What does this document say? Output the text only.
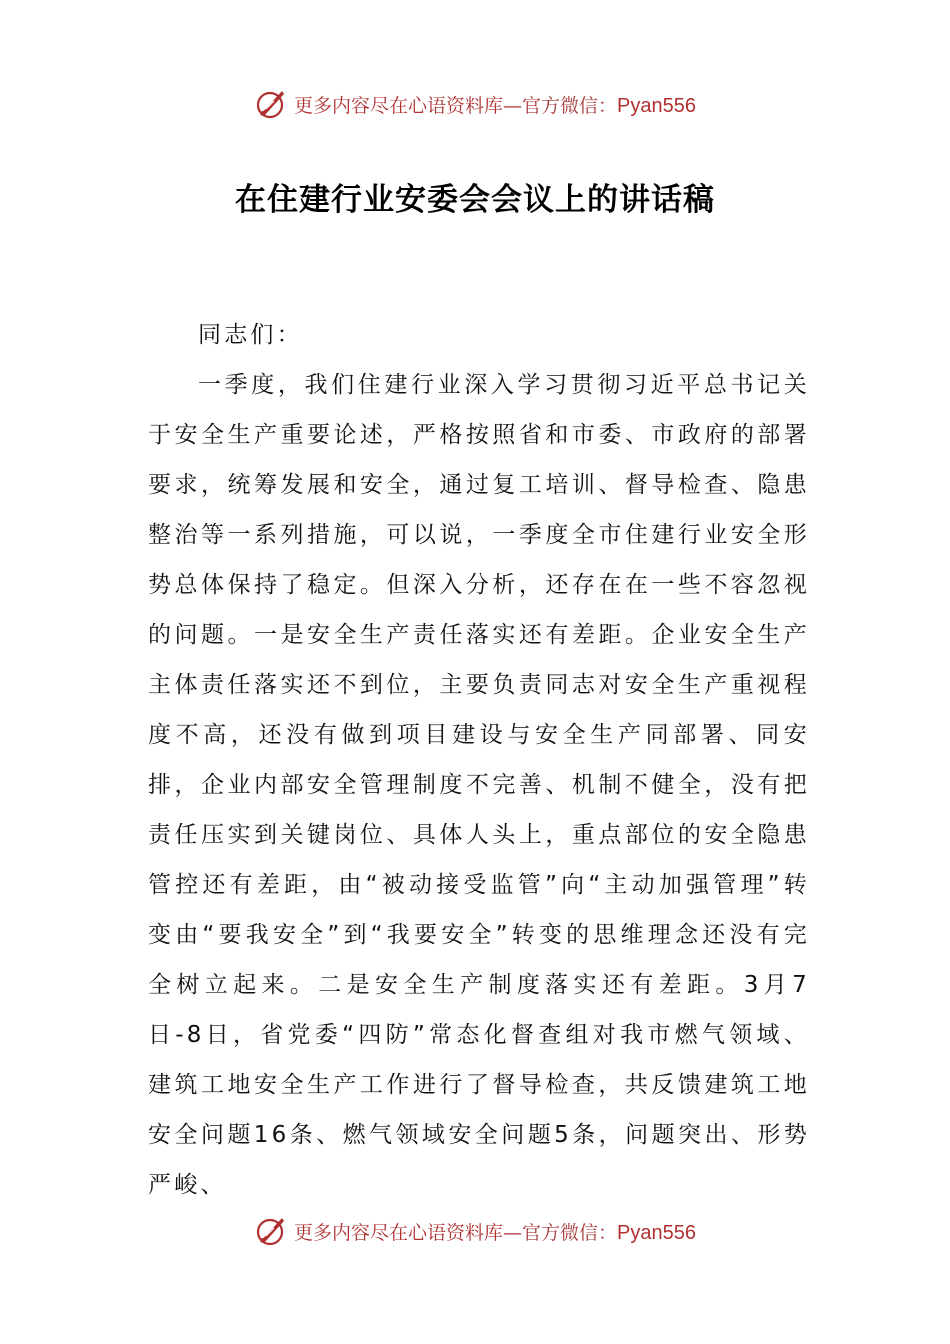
更多内容尽在心语资料库—官方微信：Pyan556
在住建行业安委会会议上的讲话稿

同志们：

一季度，我们住建行业深入学习贯彻习近平总书记关于安全生产重要论述，严格按照省和市委、市政府的部署要求，统筹发展和安全，通过复工培训、督导检查、隐患整治等一系列措施，可以说，一季度全市住建行业安全形势总体保持了稳定。但深入分析，还存在在一些不容忽视的问题。一是安全生产责任落实还有差距。企业安全生产主体责任落实还不到位，主要负责同志对安全生产重视程度不高，还没有做到项目建设与安全生产同部署、同安排，企业内部安全管理制度不完善、机制不健全，没有把责任压实到关键岗位、具体人头上，重点部位的安全隐患管控还有差距，由“被动接受监管”向“主动加强管理”转变由“要我安全”到“我要安全”转变的思维理念还没有完全树立起来。二是安全生产制度落实还有差距。3月7日-8日，省党委“四防”常态化督查组对我市燃气领域、建筑工地安全生产工作进行了督导检查，共反馈建筑工地安全问题16条、燃气领域安全问题5条，问题突出、形势严峻、

更多内容尽在心语资料库—官方微信：Pyan556
